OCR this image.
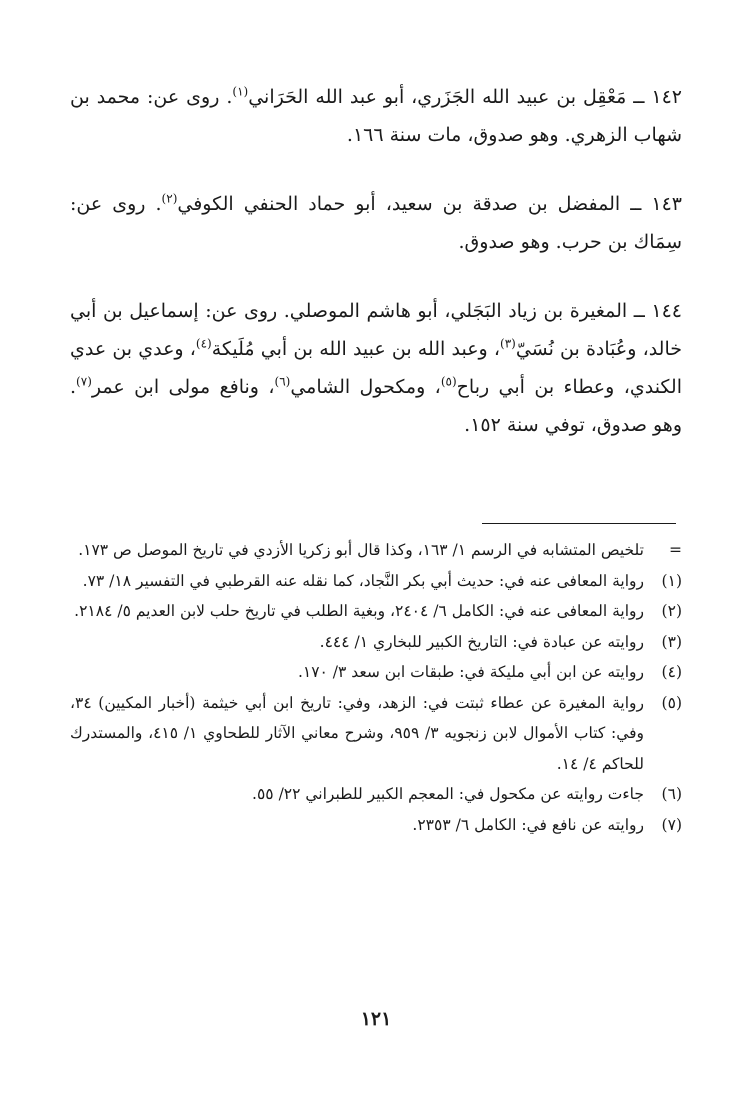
١٤٢ ــ مَعْقِل بن عبيد الله الجَزَري، أبو عبد الله الحَرَاني$^{(١)}$. روى عن: محمد بن شهاب الزهري. وهو صدوق، مات سنة ١٦٦.

١٤٣ ــ المفضل بن صدقة بن سعيد، أبو حماد الحنفي الكوفي$^{(٢)}$. روى عن: سِمَاك بن حرب. وهو صدوق.

١٤٤ ــ المغيرة بن زياد البَجَلي، أبو هاشم الموصلي. روى عن: إسماعيل بن أبي خالد، وعُبَادة بن نُسَيّ$^{(٣)}$، وعبد الله بن عبيد الله بن أبي مُلَيكة$^{(٤)}$، وعدي بن عدي الكندي، وعطاء بن أبي رباح$^{(٥)}$، ومكحول الشامي$^{(٦)}$، ونافع مولى ابن عمر$^{(٧)}$. وهو صدوق، توفي سنة ١٥٢.

=
تلخيص المتشابه في الرسم ١/ ١٦٣، وكذا قال أبو زكريا الأزدي في تاريخ الموصل ص ١٧٣.
(١)
رواية المعافى عنه في: حديث أبي بكر النَّجاد، كما نقله عنه القرطبي في التفسير ١٨/ ٧٣.
(٢)
رواية المعافى عنه في: الكامل ٦/ ٢٤٠٤، وبغية الطلب في تاريخ حلب لابن العديم ٥/ ٢١٨٤.
(٣)
روايته عن عبادة في: التاريخ الكبير للبخاري ١/ ٤٤٤.
(٤)
روايته عن ابن أبي مليكة في: طبقات ابن سعد ٣/ ١٧٠.
(٥)
رواية المغيرة عن عطاء ثبتت في: الزهد، وفي: تاريخ ابن أبي خيثمة (أخبار المكيين) ٣٤، وفي: كتاب الأموال لابن زنجويه ٣/ ٩٥٩، وشرح معاني الآثار للطحاوي ١/ ٤١٥، والمستدرك للحاكم ٤/ ١٤.
(٦)
جاءت روايته عن مكحول في: المعجم الكبير للطبراني ٢٢/ ٥٥.
(٧)
روايته عن نافع في: الكامل ٦/ ٢٣٥٣.
١٢١
